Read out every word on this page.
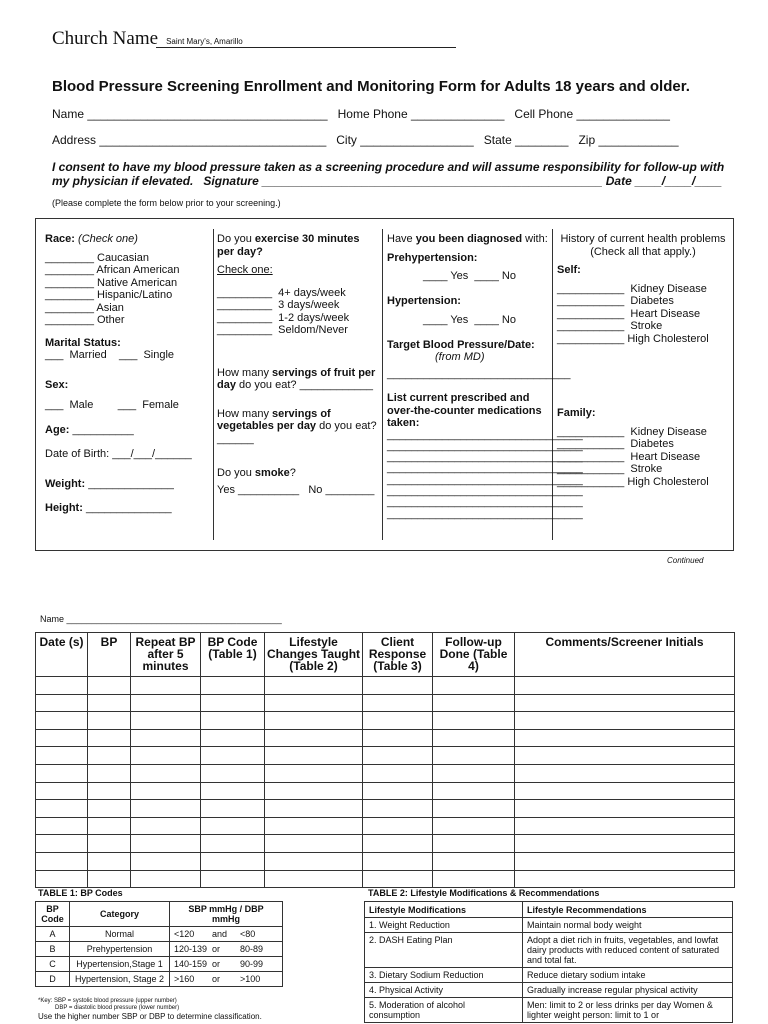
Church Name Saint Mary's, Amarillo
Blood Pressure Screening Enrollment and Monitoring Form for Adults 18 years and older.
Name ____________________________________   Home Phone ______________   Cell Phone ______________
Address __________________________________   City _________________   State ________   Zip ____________
I consent to have my blood pressure taken as a screening procedure and will assume responsibility for follow-up with
my physician if elevated.   Signature ___________________________________________________ Date ____/____/____
(Please complete the form below prior to your screening.)
Race: (Check one)
________ Caucasian
________ African American
________ Native American
________ Hispanic/Latino
________ Asian
________ Other
Marital Status:
___  Married    ___  Single
Sex:
___  Male        ___  Female
Age: __________
Date of Birth: ___/___/______
Weight: ______________
Height: ______________
Do you exercise 30 minutes per day?
Check one:
_________  4+ days/week
_________  3 days/week
_________  1-2 days/week
_________  Seldom/Never
How many servings of fruit per day do you eat? ____________
How many servings of vegetables per day do you eat?
______
Do you smoke?
Yes __________   No ________
Have you been diagnosed with:
Prehypertension:
____ Yes  ____ No
Hypertension:
____ Yes  ____ No
Target Blood Pressure/Date:
(from MD)
______________________________
List current prescribed and over-the-counter medications taken:
________________________________
________________________________
________________________________
________________________________
________________________________
________________________________
________________________________
________________________________
History of current health problems
(Check all that apply.)
Self:
___________  Kidney Disease
___________  Diabetes
___________  Heart Disease
___________  Stroke
___________ High Cholesterol
Family:
___________  Kidney Disease
___________  Diabetes
___________  Heart Disease
___________  Stroke
___________ High Cholesterol
Continued
Name ___________________________________________
Date (s)	BP	Repeat BP after 5 minutes	BP Code (Table 1)	Lifestyle Changes Taught (Table 2)	Client Response (Table 3)	Follow-up Done (Table 4)	Comments/Screener Initials

TABLE 1: BP Codes
BP Code	Category	SBP mmHg / DBP mmHg
A	Normal	<120 and <80
B	Prehypertension	120-139 or 80-89
C	Hypertension,Stage 1	140-159 or 90-99
D	Hypertension, Stage 2	>160 or >100
*Key: SBP = systolic blood pressure (upper number)
DBP = diastolic blood pressure (lower number)
Use the higher number SBP or DBP to determine classification.
TABLE 2: Lifestyle Modifications & Recommendations
Lifestyle Modifications	Lifestyle Recommendations
1. Weight Reduction	Maintain normal body weight
2. DASH Eating Plan	Adopt a diet rich in fruits, vegetables, and lowfat dairy products with reduced content of saturated and total fat.
3. Dietary Sodium Reduction	Reduce dietary sodium intake
4. Physical Activity	Gradually increase regular physical activity
5. Moderation of alcohol consumption	Men: limit to 2 or less drinks per day Women & lighter weight person: limit to 1 or
